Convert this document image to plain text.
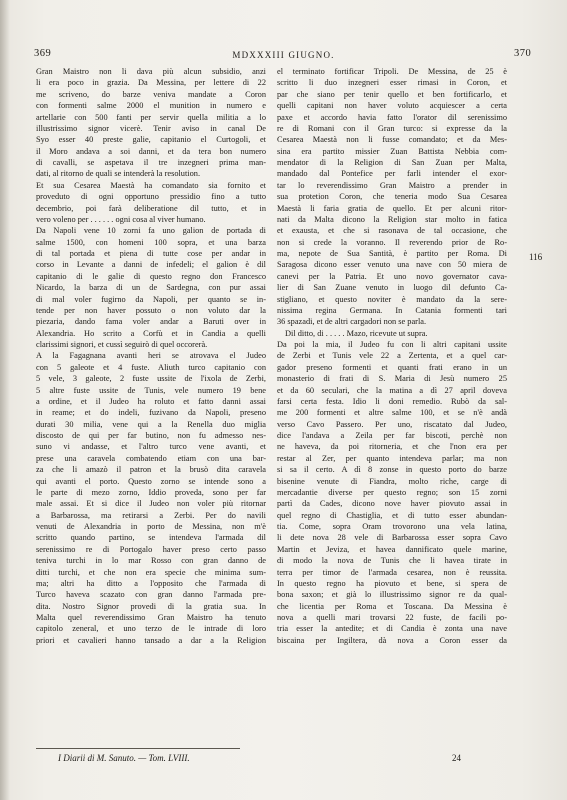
369	MDXXXIII GIUGNO.	370
Gran Maistro non li dava più alcun subsidio, anzi
li era poco in grazia. Da Messina, per lettere di 22
me scriveno, do barze veniva mandate a Coron
con formenti salme 2000 el munition in numero e
artellarie con 500 fanti per servir quella militia a lo
illustrissimo signor vicerè. Tenir aviso in canal De
Syo esser 40 preste galie, capitanio el Curtogoli, et
il Moro andava a soi danni, et da tera bon numero
di cavalli, se aspetava il tre inzegneri prima man-
dati, al ritorno de quali se intenderà la resolution.
Et sua Cesarea Maestà ha comandato sia fornito et
proveduto di ogni opportuno pressidio fino a tutto
decembrio, poi farà deliberatione dil tutto, et in
vero voleno per . . . . . . ogni cosa al viver humano.
Da Napoli vene 10 zorni fa uno galion de portada di
salme 1500, con homeni 100 sopra, et una barza
di tal portada et piena di tutte cose per andar in
corso in Levante a danni de infedeli; el galion è dil
capitanio di le galie di questo regno don Francesco
Nicardo, la barza di un de Sardegna, con pur assai
di mal voler fugirno da Napoli, per quanto se in-
tende per non haver possuto o non voluto dar la
piezaria, dando fama voler andar a Baruti over in
Alexandria. Ho scrito a Corfù et in Candia a quelli
clarissimi signori, et cussì seguirò di quel occorerà.
A la Fagagnana avanti heri se atrovava el Judeo
con 5 galeote et 4 fuste. Aliuth turco capitanio con
5 vele, 3 galeote, 2 fuste ussite de l'ixola de Zerbi,
5 altre fuste ussite de Tunis, vele numero 19 bene
a ordine, et il Judeo ha roluto et fatto danni assai
in reame; et do indeli, fuzivano da Napoli, preseno
durati 30 milia, vene qui a la Renella duo miglia
discosto de qui per far butino, non fu admesso nes-
suno vi andasse, et l'altro turco vene avanti, et
prese una caravela combatendo etiam con una bar-
za che li amazò il patron et la brusò dita caravela
qui avanti el porto. Questo zorno se intende sono a
le parte di mezo zorno, Iddio proveda, sono per far
male assai. Et si dice il Judeo non voler più ritornar
a Barbarossa, ma retirarsi a Zerbi. Per do navili
venuti de Alexandria in porto de Messina, non m'è
scritto quando partino, se intendeva l'armada dil
serenissimo re di Portogalo haver preso certo passo
teniva turchi in lo mar Rosso con gran danno de
ditti turchi, et che non era specie che minima sum-
ma; altri ha ditto a l'opposito che l'armada di
Turco haveva scazato con gran danno l'armada pre-
dita. Nostro Signor provedi di la gratia sua. In
Malta quel reverendissimo Gran Maistro ha tenuto
capitolo zeneral, et uno terzo de le intrade di loro
priori et cavalieri hanno tansado a dar a la Religion
el terminato fortificar Tripoli. De Messina, de 25 è
scritto li duo inzegneri esser rimasi in Coron, et
par che siano per tenir quello et ben fortificarlo, et
quelli capitani non haver voluto acquiescer a certa
paxe et accordo havia fatto l'orator dil serenissimo
re di Romani con il Gran turco: si expresse da la
Cesarea Maestà non li fusse comandato; et da Mes-
sina era partito missier Zuan Battista Nebbia com-
mendator di la Religion di San Zuan per Malta,
mandado dal Pontefice per farli intender el exor-
tar lo reverendissimo Gran Maistro a prender in
sua protetion Coron, che teneria modo Sua Cesarea
Maestà li faria gratia de quello. Et per alcuni ritor-
nati da Malta dicono la Religion star molto in fatica
et exausta, et che si rasonava de tal occasione, che
non si crede la voranno. Il reverendo prior de Ro-
ma, nepote de Sua Santità, è partito per Roma. Di
Saragosa dicono esser venuto una nave con 50 miera de
canevi per la Patria. Et uno novo governator cava-
lier di San Zuane venuto in luogo dil defunto Ca-
stigliano, et questo noviter è mandato da la sere-
nissima regina Germana. In Catania formenti tari
36 spazadi, et de altri cargadori non se parla.
Dil ditto, di . . . . . Mazo, ricevute ut supra.
Da poi la mia, il Judeo fu con li altri capitani ussite
de Zerbi et Tunis vele 22 a Zertenta, et a quel car-
gador preseno formenti et quanti frati erano in un
monasterio di frati di S. Maria di Jesù numero 25
et da 60 seculari, che la matina a dì 27 april doveva
farsi certa festa. Idio li doni remedio. Rubò da sal-
me 200 formenti et altre salme 100, et se n'è andà
verso Cavo Passero. Per uno, riscatato dal Judeo,
dice l'andava a Zeila per far biscoti, perchè non
ne haveva, da poi ritorneria, et che l'non era per
restar al Zer, per quanto intendeva parlar; ma non
si sa il certo. A dì 8 zonse in questo porto do barze
bisenine venute di Fiandra, molto riche, carge di
mercadantie diverse per questo regno; son 15 zorni
partì da Cades, dicono nove haver piovuto assai in
quel regno di Chastiglia, et di tutto esser abundan-
tia. Come, sopra Oram trovorono una vela latina,
li dete nova 28 vele di Barbarossa esser sopra Cavo
Martin et Jeviza, et havea dannificato quele marine,
di modo la nova de Tunis che li havea tirate in
terra per timor de l'armada cesarea, non è reussita.
In questo regno ha piovuto et bene, si spera de
bona saxon; et già lo illustrissimo signor re da qual-
che licentia per Roma et Toscana. Da Messina è
nova a quelli mari trovarsi 22 fuste, de facili po-
tria esser la antedite; et di Candia è zonta una nave
biscaina per Ingiltera, dà nova a Coron esser da
116
I Diarii di M. Sanuto. — Tom. LVIII.	24
